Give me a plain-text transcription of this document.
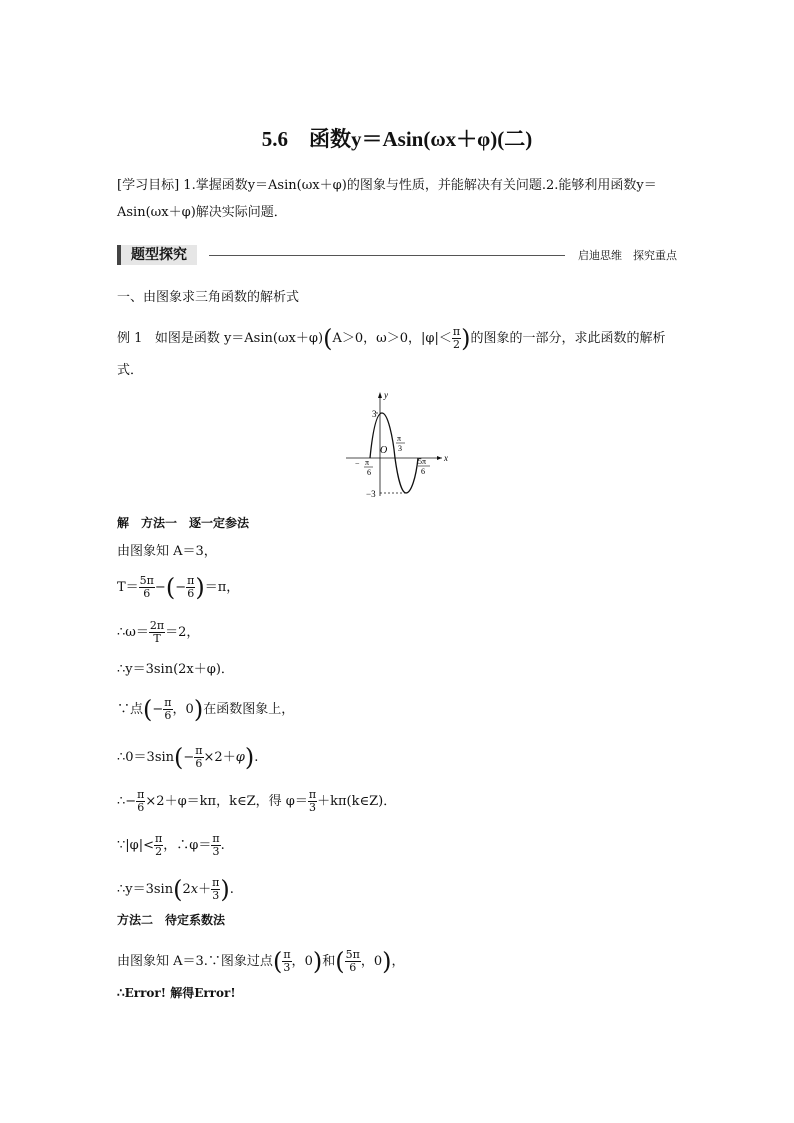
5.6　函数y＝Asin(ωx＋φ)(二)
[学习目标] 1.掌握函数y＝Asin(ωx＋φ)的图象与性质，并能解决有关问题.2.能够利用函数y＝Asin(ωx＋φ)解决实际问题．
题型探究	启迪思维　探究重点
一、由图象求三角函数的解析式
例 1 如图是函数 y＝Asin(ωx＋φ)(A＞0，ω＞0，$|\varphi|< \frac{\pi}{2}$ )的图象的一部分，求此函数的解析
式．
y
x
O
3
−3
− π
6
π
3
5π
6
解　方法一　逐一定参法
由图象知 A＝3，
$T= \frac{5\pi}{6}$ −(− $\frac{\pi}{6} )=\pi$，
∴ω＝ $\frac{2\pi}{T} =2$，
∴y＝3sin(2x＋φ)．
∵点(− $\frac{\pi}{6}$ ，0)在函数图象上，
∴0＝3sin(− $\frac{\pi}{6} \times 2+\varphi$).
∴− $\frac{\pi}{6} \times 2+\varphi=k\pi$，k∈Z，得 $\varphi= \frac{\pi}{3}$ ＋kπ(k∈Z)．
∵|φ|< $\frac{\pi}{2}$ ，∴φ＝ $\frac{\pi}{3}$ .
∴y＝3sin(2x＋ $\frac{\pi}{3}$ ).
方法二　待定系数法
由图象知 A＝3.∵图象过点( $\frac{\pi}{3}$ ，0)和( $\frac{5\pi}{6}$ ，0)，
∴Error! 解得Error!
